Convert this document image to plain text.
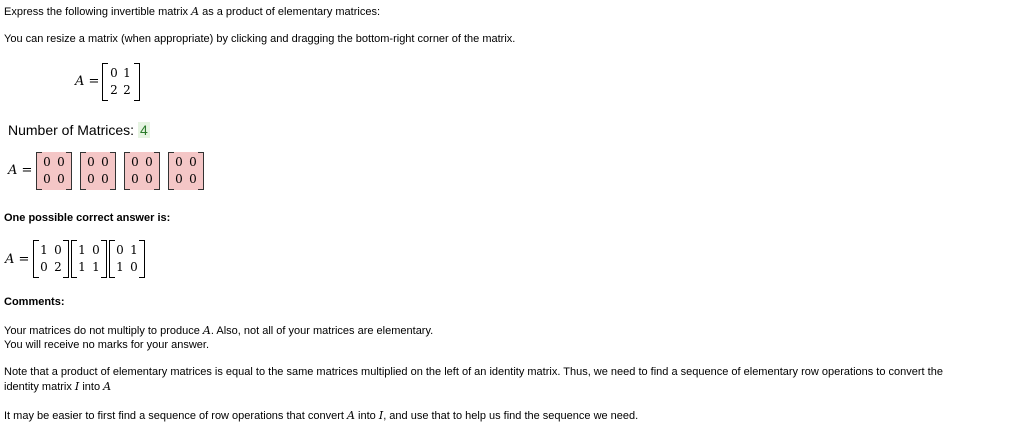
Express the following invertible matrix A as a product of elementary matrices:
You can resize a matrix (when appropriate) by clicking and dragging the bottom-right corner of the matrix.
A =
0 1
2 2
Number of Matrices: 4
A =
0 0
0 0
0 0
0 0
0 0
0 0
0 0
0 0
One possible correct answer is:
A =
1 0
0 2
1 0
1 1
0 1
1 0
Comments:
Your matrices do not multiply to produce A. Also, not all of your matrices are elementary.
You will receive no marks for your answer.
Note that a product of elementary matrices is equal to the same matrices multiplied on the left of an identity matrix. Thus, we need to find a sequence of elementary row operations to convert the
identity matrix I into A
It may be easier to first find a sequence of row operations that convert A into I, and use that to help us find the sequence we need.
